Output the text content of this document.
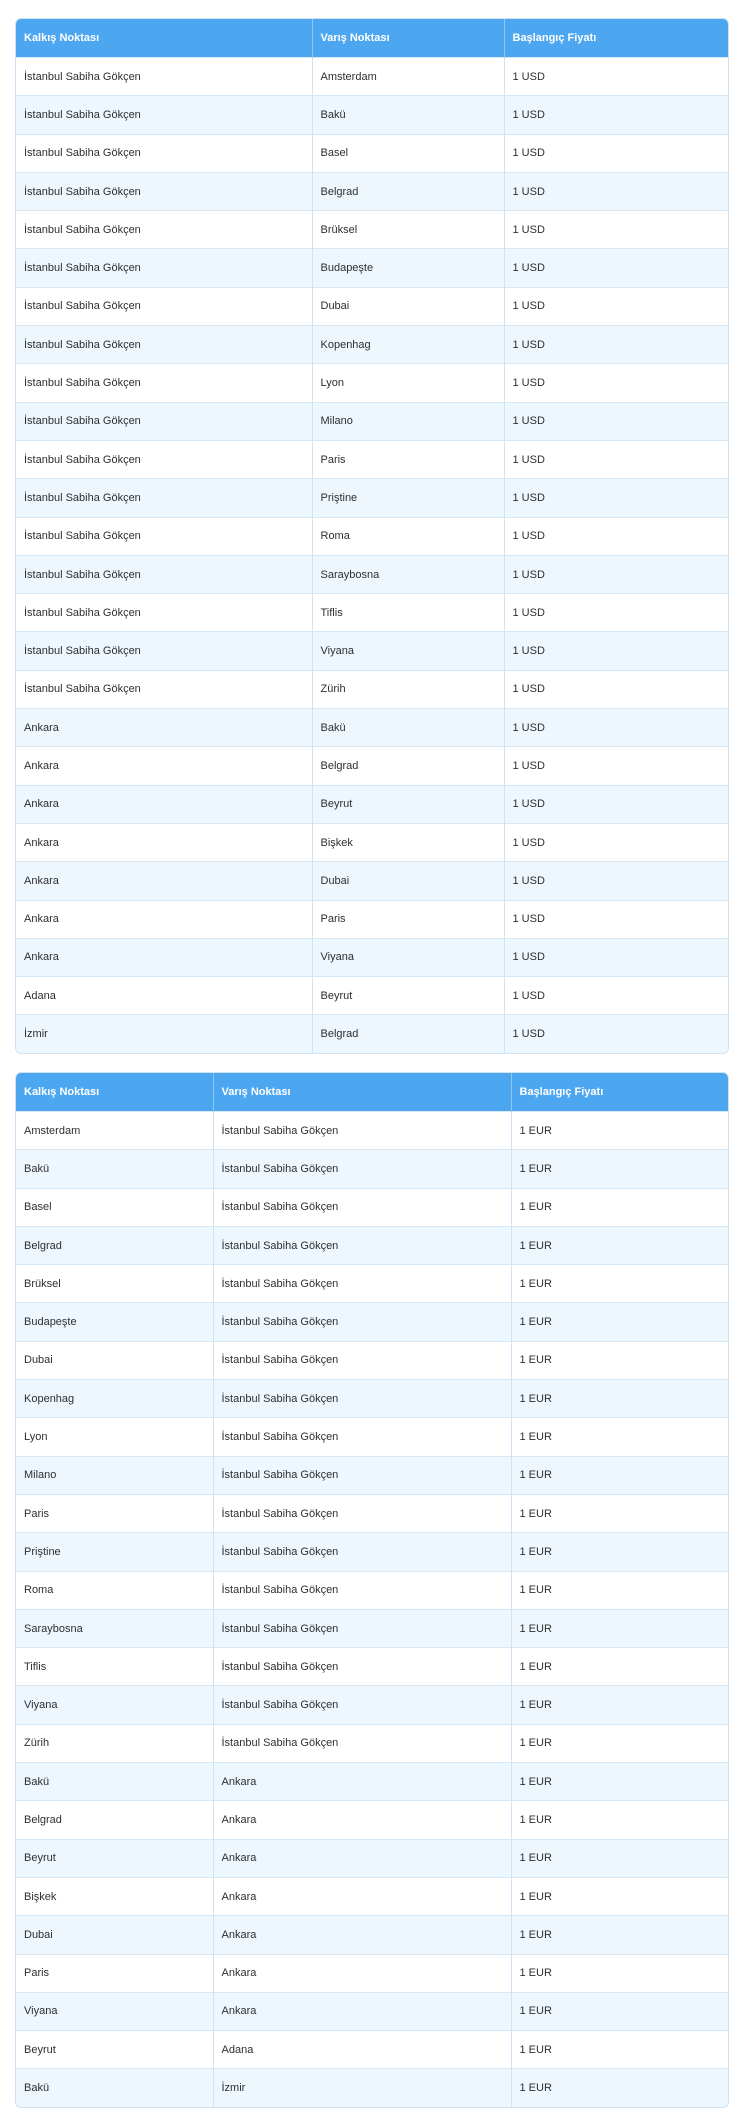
Kalkış Noktası	Varış Noktası	Başlangıç Fiyatı
İstanbul Sabiha Gökçen	Amsterdam	1 USD
İstanbul Sabiha Gökçen	Bakü	1 USD
İstanbul Sabiha Gökçen	Basel	1 USD
İstanbul Sabiha Gökçen	Belgrad	1 USD
İstanbul Sabiha Gökçen	Brüksel	1 USD
İstanbul Sabiha Gökçen	Budapeşte	1 USD
İstanbul Sabiha Gökçen	Dubai	1 USD
İstanbul Sabiha Gökçen	Kopenhag	1 USD
İstanbul Sabiha Gökçen	Lyon	1 USD
İstanbul Sabiha Gökçen	Milano	1 USD
İstanbul Sabiha Gökçen	Paris	1 USD
İstanbul Sabiha Gökçen	Priştine	1 USD
İstanbul Sabiha Gökçen	Roma	1 USD
İstanbul Sabiha Gökçen	Saraybosna	1 USD
İstanbul Sabiha Gökçen	Tiflis	1 USD
İstanbul Sabiha Gökçen	Viyana	1 USD
İstanbul Sabiha Gökçen	Zürih	1 USD
Ankara	Bakü	1 USD
Ankara	Belgrad	1 USD
Ankara	Beyrut	1 USD
Ankara	Bişkek	1 USD
Ankara	Dubai	1 USD
Ankara	Paris	1 USD
Ankara	Viyana	1 USD
Adana	Beyrut	1 USD
İzmir	Belgrad	1 USD
Kalkış Noktası	Varış Noktası	Başlangıç Fiyatı
Amsterdam	İstanbul Sabiha Gökçen	1 EUR
Bakü	İstanbul Sabiha Gökçen	1 EUR
Basel	İstanbul Sabiha Gökçen	1 EUR
Belgrad	İstanbul Sabiha Gökçen	1 EUR
Brüksel	İstanbul Sabiha Gökçen	1 EUR
Budapeşte	İstanbul Sabiha Gökçen	1 EUR
Dubai	İstanbul Sabiha Gökçen	1 EUR
Kopenhag	İstanbul Sabiha Gökçen	1 EUR
Lyon	İstanbul Sabiha Gökçen	1 EUR
Milano	İstanbul Sabiha Gökçen	1 EUR
Paris	İstanbul Sabiha Gökçen	1 EUR
Priştine	İstanbul Sabiha Gökçen	1 EUR
Roma	İstanbul Sabiha Gökçen	1 EUR
Saraybosna	İstanbul Sabiha Gökçen	1 EUR
Tiflis	İstanbul Sabiha Gökçen	1 EUR
Viyana	İstanbul Sabiha Gökçen	1 EUR
Zürih	İstanbul Sabiha Gökçen	1 EUR
Bakü	Ankara	1 EUR
Belgrad	Ankara	1 EUR
Beyrut	Ankara	1 EUR
Bişkek	Ankara	1 EUR
Dubai	Ankara	1 EUR
Paris	Ankara	1 EUR
Viyana	Ankara	1 EUR
Beyrut	Adana	1 EUR
Bakü	İzmir	1 EUR
